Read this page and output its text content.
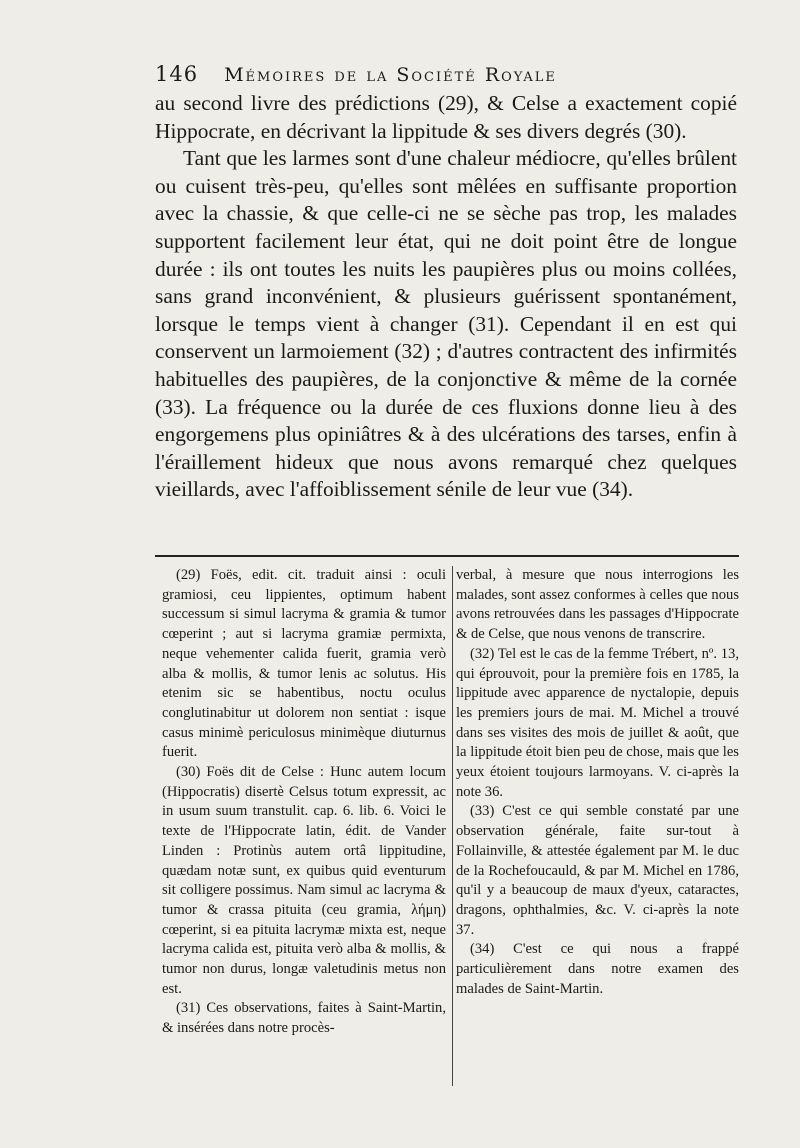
146 Mémoires de la Société Royale

au second livre des prédictions (29), & Celse a exactement copié Hippocrate, en décrivant la lippitude & ses divers degrés (30).

Tant que les larmes sont d'une chaleur médiocre, qu'elles brûlent ou cuisent très-peu, qu'elles sont mêlées en suffisante proportion avec la chassie, & que celle-ci ne se sèche pas trop, les malades supportent facilement leur état, qui ne doit point être de longue durée : ils ont toutes les nuits les paupières plus ou moins collées, sans grand inconvénient, & plusieurs guérissent spontanément, lorsque le temps vient à changer (31). Cependant il en est qui conservent un larmoiement (32) ; d'autres contractent des infirmités habituelles des paupières, de la conjonctive & même de la cornée (33). La fréquence ou la durée de ces fluxions donne lieu à des engorgemens plus opiniâtres & à des ulcérations des tarses, enfin à l'éraillement hideux que nous avons remarqué chez quelques vieillards, avec l'affoiblissement sénile de leur vue (34).

(29) Foës, edit. cit. traduit ainsi : oculi gramiosi, ceu lippientes, optimum habent successum si simul lacryma & gramia & tumor cœperint ; aut si lacryma gramiæ permixta, neque vehementer calida fuerit, gramia verò alba & mollis, & tumor lenis ac solutus. His etenim sic se habentibus, noctu oculus conglutinabitur ut dolorem non sentiat : isque casus minimè periculosus minimèque diuturnus fuerit.

(30) Foës dit de Celse : Hunc autem locum (Hippocratis) disertè Celsus totum expressit, ac in usum suum transtulit. cap. 6. lib. 6. Voici le texte de l'Hippocrate latin, édit. de Vander Linden : Protinùs autem ortâ lippitudine, quædam notæ sunt, ex quibus quid eventurum sit colligere possimus. Nam simul ac lacryma & tumor & crassa pituita (ceu gramia, λήμη) cœperint, si ea pituita lacrymæ mixta est, neque lacryma calida est, pituita verò alba & mollis, & tumor non durus, longæ valetudinis metus non est.

(31) Ces observations, faites à Saint-Martin, & insérées dans notre procès-

verbal, à mesure que nous interrogions les malades, sont assez conformes à celles que nous avons retrouvées dans les passages d'Hippocrate & de Celse, que nous venons de transcrire.

(32) Tel est le cas de la femme Trébert, nº. 13, qui éprouvoit, pour la première fois en 1785, la lippitude avec apparence de nyctalopie, depuis les premiers jours de mai. M. Michel a trouvé dans ses visites des mois de juillet & août, que la lippitude étoit bien peu de chose, mais que les yeux étoient toujours larmoyans. V. ci-après la note 36.

(33) C'est ce qui semble constaté par une observation générale, faite sur-tout à Follainville, & attestée également par M. le duc de la Rochefoucauld, & par M. Michel en 1786, qu'il y a beaucoup de maux d'yeux, cataractes, dragons, ophthalmies, &c. V. ci-après la note 37.

(34) C'est ce qui nous a frappé particulièrement dans notre examen des malades de Saint-Martin.
